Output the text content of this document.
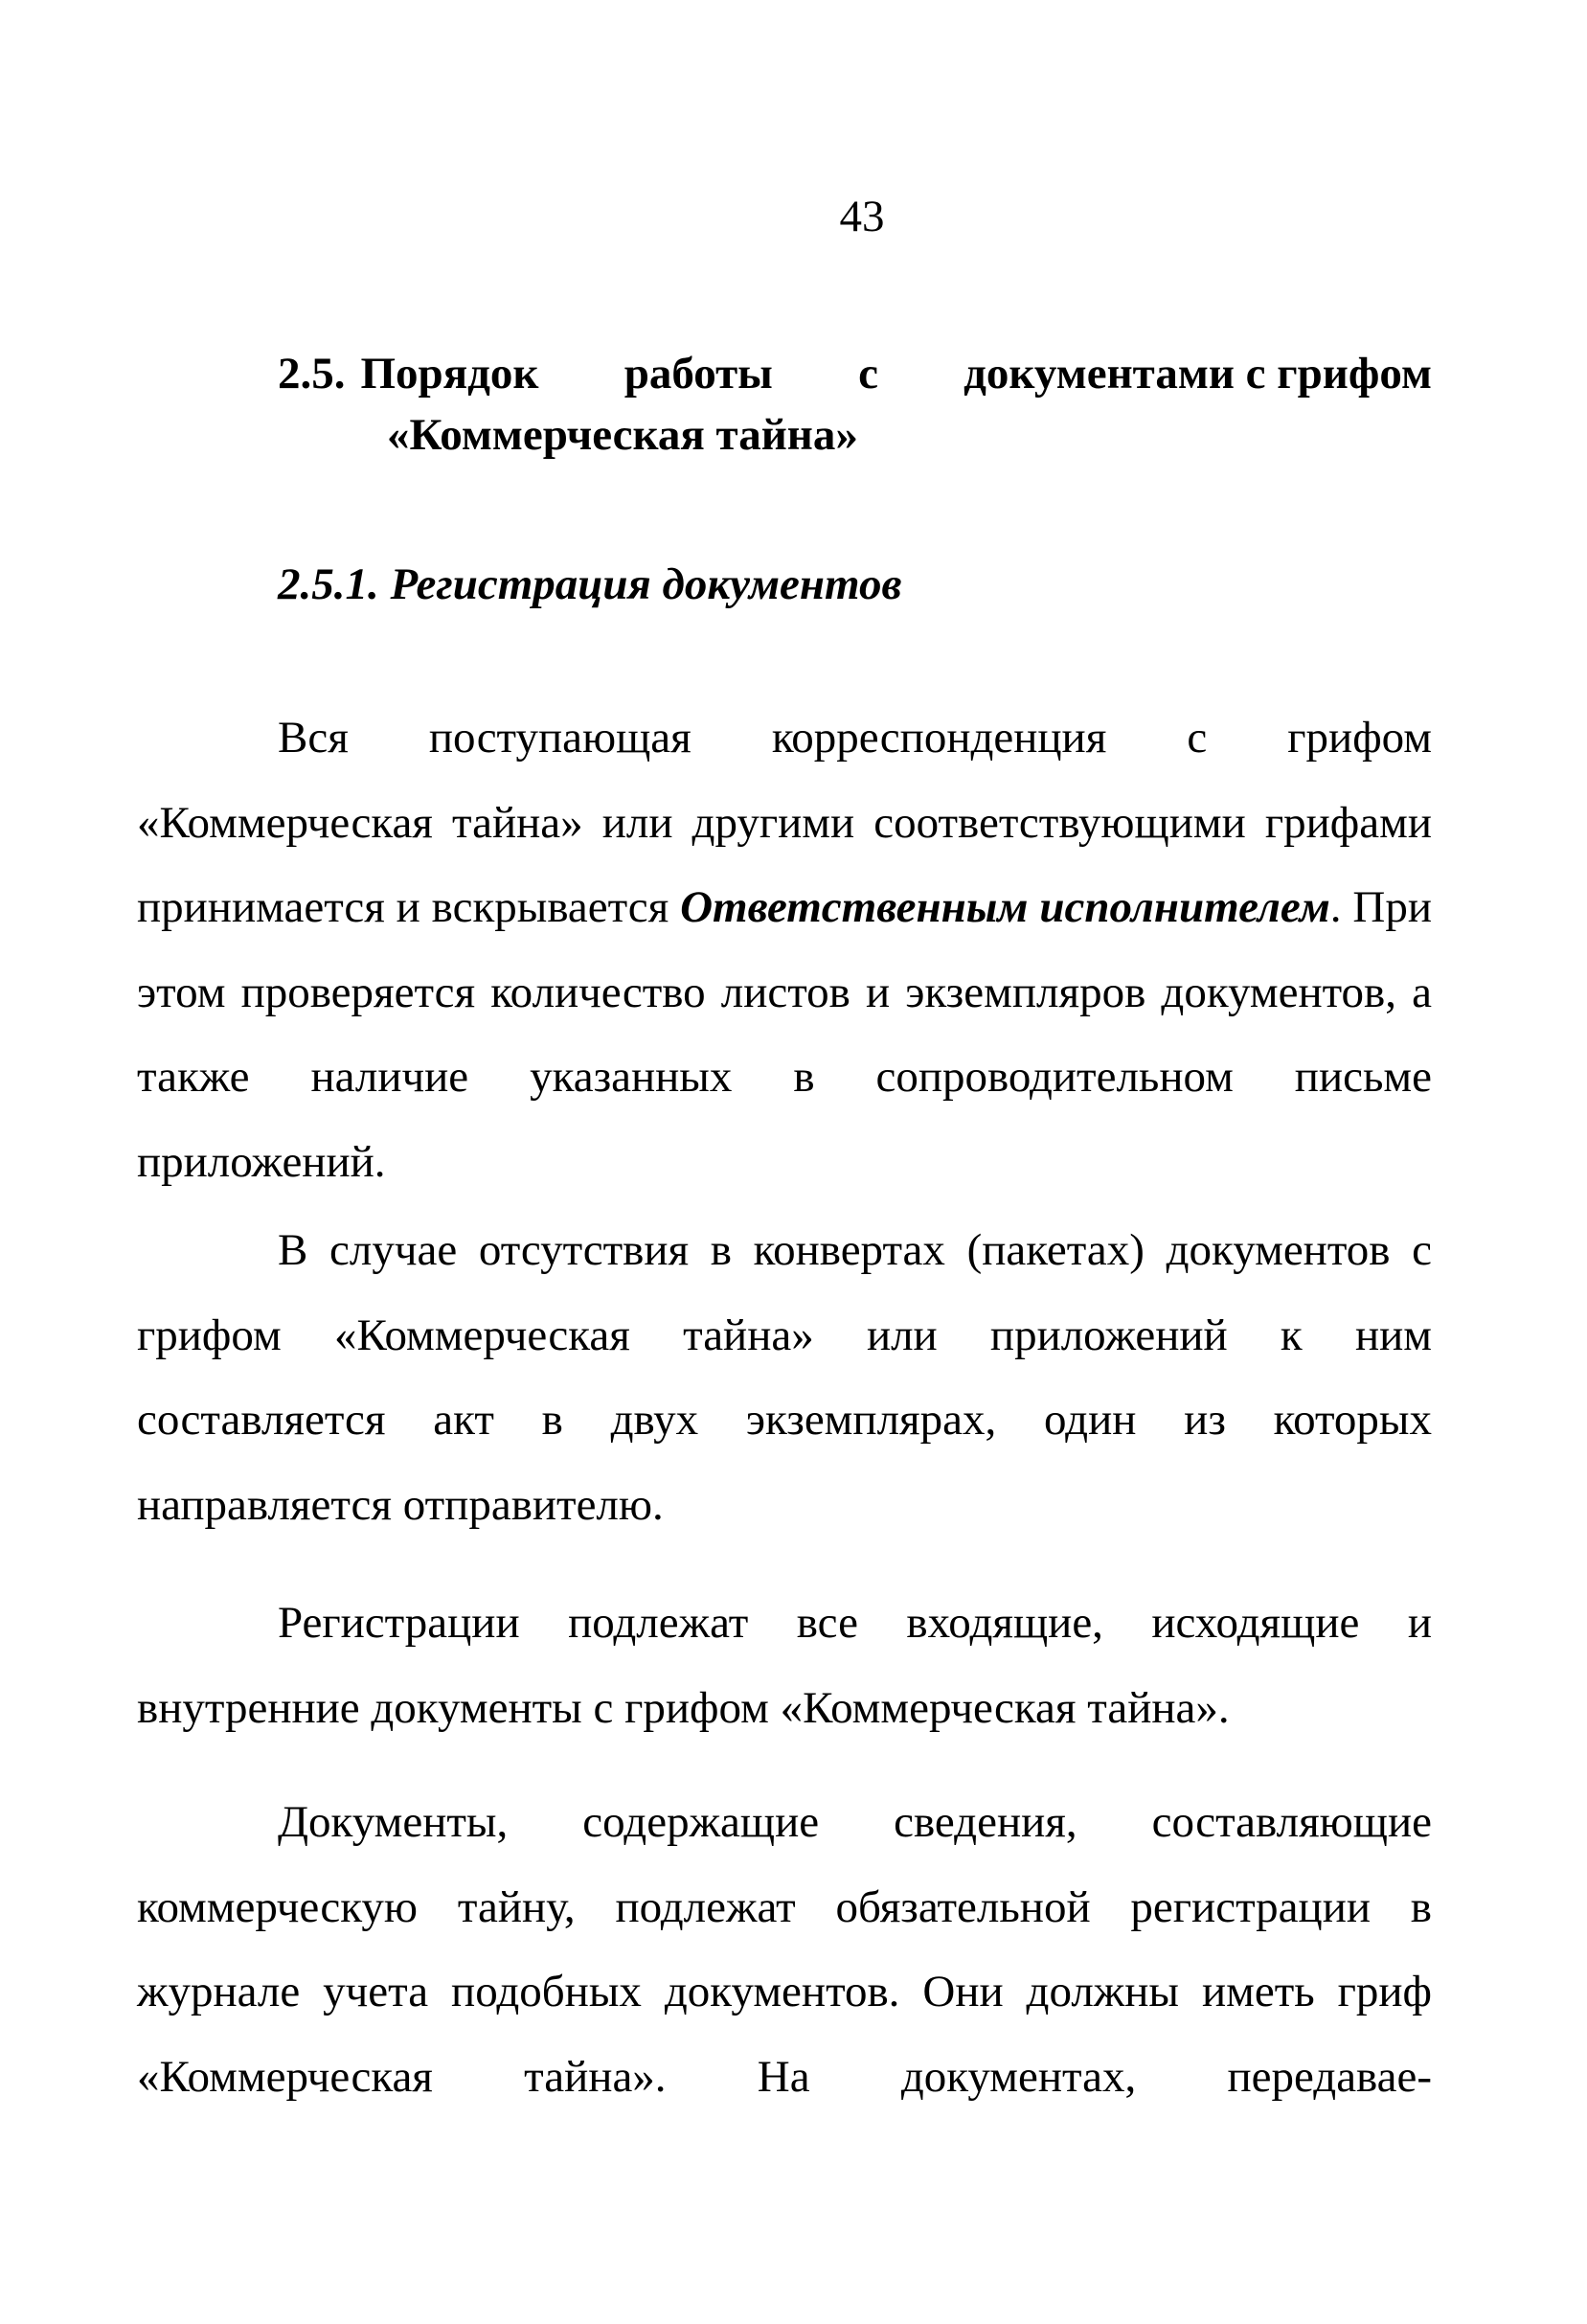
43
2.5. Порядок работы с документами с грифом
«Коммерческая тайна»
2.5.1. Регистрация документов

Вся поступающая корреспонденция с грифом «Коммерческая тайна» или другими соответствующими грифами принимается и вскрывается Ответственным исполнителем. При этом проверяется количество листов и экземпляров документов, а также наличие указанных в сопроводительном письме приложений.

В случае отсутствия в конвертах (пакетах) документов с грифом «Коммерческая тайна» или приложений к ним составляется акт в двух экземплярах, один из которых направляется отправителю.

Регистрации подлежат все входящие, исходящие и внутренние документы с грифом «Коммерческая тайна».

Документы, содержащие сведения, составляющие коммерческую тайну, подлежат обязательной регистрации в журнале учета подобных документов. Они должны иметь гриф «Коммерческая тайна». На документах, передавае-
